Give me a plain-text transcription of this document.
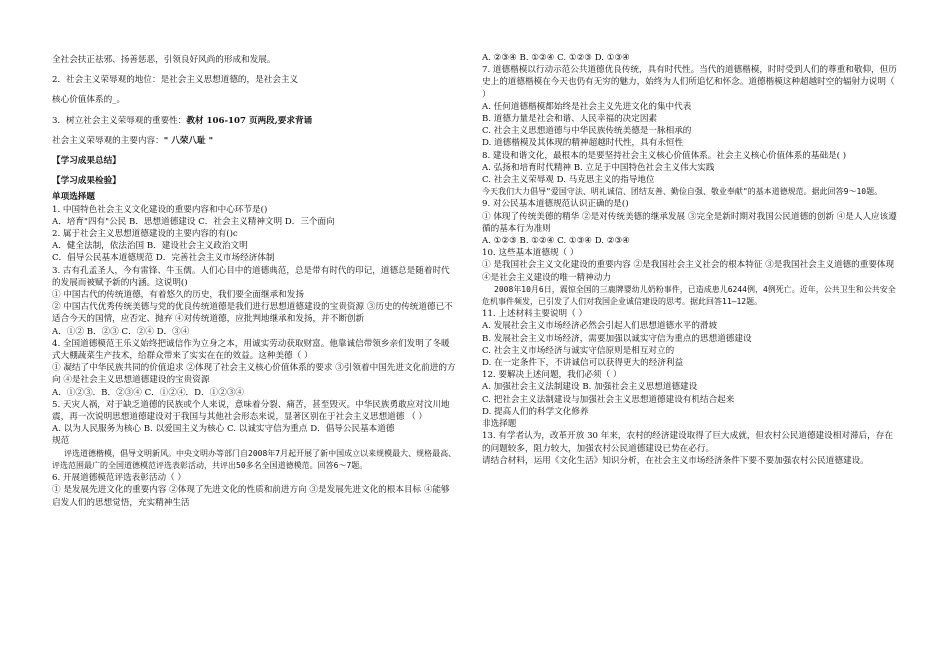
全社会扶正祛邪、扬善惩恶，引领良好风尚的形成和发展。

2．社会主义荣辱观的地位：是社会主义思想道德的，是社会主义

核心价值体系的_。

3．树立社会主义荣辱观的重要性：教材 106-107 页两段,要求背诵

社会主义荣辱观的主要内容：" 八荣八耻 "

【学习成果总结】

【学习成果检验】

单项选择题

1. 中国特色社会主义文化建设的重要内容和中心环节是()

A．培育"四有"公民 B．思想道德建设 C．社会主义精神文明 D．三个面向

2. 属于社会主义思想道德建设的主要内容的有()c

A．健全法制，依法治国 B．建设社会主义政治文明

C．倡导公民基本道德规范 D．完善社会主义市场经济体制

3. 古有孔孟圣人，今有雷锋、牛玉儒。人们心目中的道德典范，总是带有时代的印记，道德总是随着时代的发展而被赋予新的内涵。这说明()

① 中国古代的传统道德，有着悠久的历史，我们要全面继承和发扬

② 中国古代优秀传统美德与党的优良传统道德是我们进行思想道德建设的宝贵资源 ③历史的传统道德已不适合今天的国情，应否定、抛弃 ④对传统道德，应批判地继承和发扬，并不断创新

A．①② B．②③ C．②④ D．③④

4. 全国道德模范王乐义始终把诚信作为立身之本，用诚实劳动获取财富。他靠诚信带领乡亲们发明了冬暖式大棚蔬菜生产技术，给群众带来了实实在在的效益。这种美德（ ）

① 凝结了中华民族共同的价值追求 ②体现了社会主义核心价值体系的要求 ③引领着中国先进文化前进的方向 ④是社会主义思想道德建设的宝贵资源

A．①②③．B．②③④ C．①②④．D．①②③④

5. 天灾人祸，对于缺乏道德的民族或个人来说，意味着分裂、痛苦，甚至毁灭。中华民族勇敢应对汶川地震，再一次说明思想道德建设对于我国与其他社会形态来说，显著区别在于社会主义思想道德 （ ）

A. 以为人民服务为核心 B. 以爱国主义为核心 C. 以诚实守信为重点 D．倡导公民基本道德

规范

评选道德楷模，倡导文明新风。中央文明办等部门自2008年7月起开展了新中国成立以来规模最大、规格最高、评选范围最广的全国道德模范评选表彰活动，共评出50多名全国道德模范。回答6～7题。

6. 开展道德模范评选表彰活动（ ）

① 是发展先进文化的重要内容 ②体现了先进文化的性质和前进方向 ③是发展先进文化的根本目标 ④能够启发人们的思想觉悟，充实精神生活

A. ②③④ B. ①②④ C. ①②③ D. ①③④

7. 道德楷模以行动示范公共道德优良传统，具有时代性。当代的道德楷模，时时受到人们的尊重和敬仰，但历史上的道德楷模在今天也仍有无穷的魅力，始终为人们所追忆和怀念。道德楷模这种超越时空的辐射力说明（ ）

A. 任何道德楷模都始终是社会主义先进文化的集中代表

B. 道德力量是社会和谐、人民幸福的决定因素

C. 社会主义思想道德与中华民族传统美德是一脉相承的

D. 道德楷模及其体现的精神超越时代性，具有永恒性

8. 建设和谐文化，最根本的是要坚持社会主义核心价值体系。社会主义核心价值体系的基础是( )

A. 弘扬和培育时代精神 B. 立足于中国特色社会主义伟大实践

C. 社会主义荣辱观 D. 马克思主义的指导地位

今天我们大力倡导"爱国守法、明礼诚信、团结友善、勤俭自强、敬业奉献"的基本道德规范。据此回答9～10题。

9. 对公民基本道德规范认识正确的是()

① 体现了传统美德的精华 ②是对传统美德的继承发展 ③完全是新时期对我国公民道德的创新 ④是人人应该遵循的基本行为准则

A. ①②③ B. ①②④ C. ①③④ D. ②③④

10. 这些基本道德规（ ）

① 是我国社会主义文化建设的重要内容 ②是我国社会主义社会的根本特征 ③是我国社会主义道德的重要体现 ④是社会主义建设的唯一精神动力

2008年10月6日，震惊全国的三鹿牌婴幼儿奶粉事件，已造成患儿6244例，4例死亡。近年，公共卫生和公共安全危机事件频发，已引发了人们对我国企业诚信建设的思考。据此回答11—12题。

11. 上述材料主要说明（ ）

A. 发展社会主义市场经济必然会引起人们思想道德水平的滑坡

B. 发展社会主义市场经济，需要加强以诚实守信为重点的思想道德建设

C. 社会主义市场经济与诚实守信原则是相互对立的

D. 在一定条件下，不讲诚信可以获得更大的经济利益

12. 要解决上述问题，我们必须（ ）

A. 加强社会主义法制建设 B. 加强社会主义思想道德建设

C. 把社会主义法制建设与加强社会主义思想道德建设有机结合起来

D. 提高人们的科学文化修养

非选择题

13. 有学者认为，改革开放 30 年来，农村的经济建设取得了巨大成就，但农村公民道德建设相对滞后，存在的问题较多，阻力较大，加强农村公民道德建设已势在必行。

请结合材料，运用《文化生活》知识分析，在社会主义市场经济条件下要不要加强农村公民道德建设。
